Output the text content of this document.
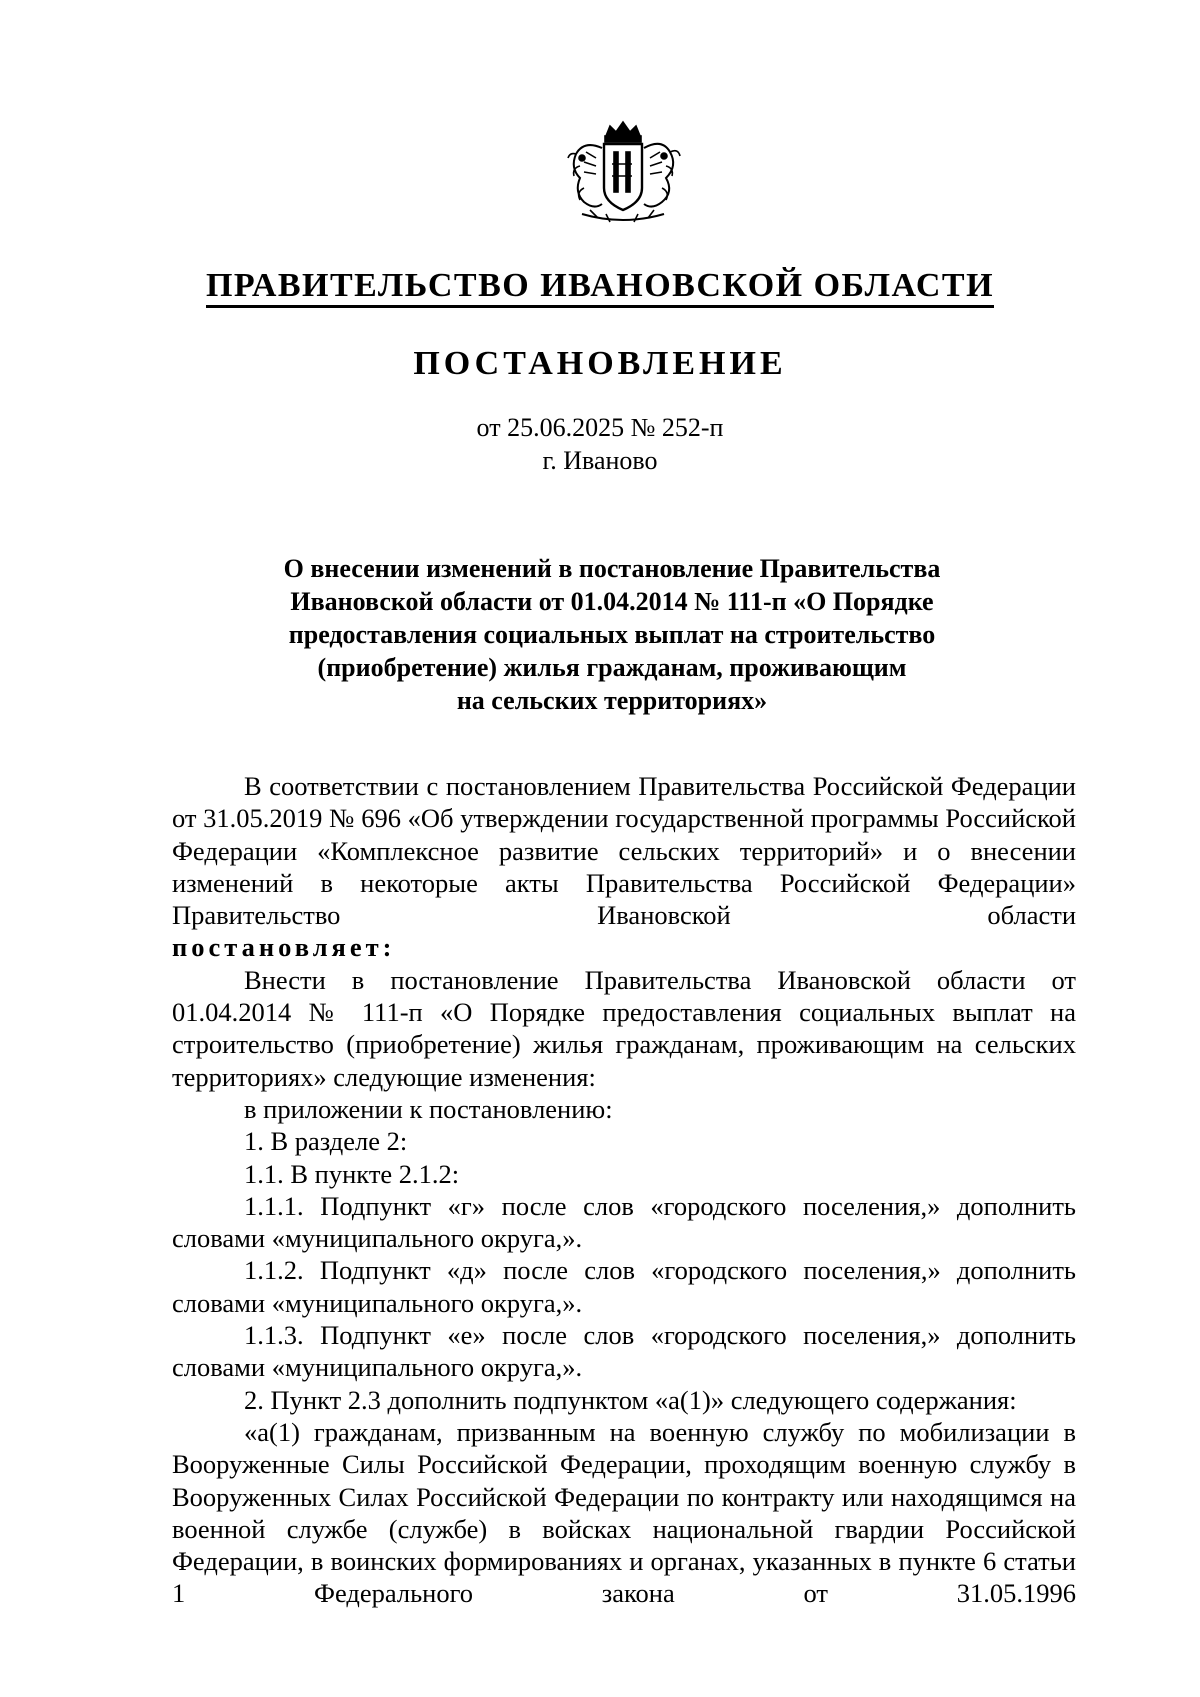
ПРАВИТЕЛЬСТВО ИВАНОВСКОЙ ОБЛАСТИ
ПОСТАНОВЛЕНИЕ
от 25.06.2025 № 252-п
г. Иваново
О внесении изменений в постановление Правительства
Ивановской области от 01.04.2014 № 111-п «О Порядке
предоставления социальных выплат на строительство
(приобретение) жилья гражданам, проживающим
на сельских территориях»

В соответствии с постановлением Правительства Российской Федерации от 31.05.2019 № 696 «Об утверждении государственной программы Российской Федерации «Комплексное развитие сельских территорий» и о внесении изменений в некоторые акты Правительства Российской Федерации» Правительство Ивановской области

постановляет:

Внести в постановление Правительства Ивановской области от 01.04.2014 № 111-п «О Порядке предоставления социальных выплат на строительство (приобретение) жилья гражданам, проживающим на сельских территориях» следующие изменения:

в приложении к постановлению:

1. В разделе 2:

1.1. В пункте 2.1.2:

1.1.1. Подпункт «г» после слов «городского поселения,» дополнить словами «муниципального округа,».

1.1.2. Подпункт «д» после слов «городского поселения,» дополнить словами «муниципального округа,».

1.1.3. Подпункт «е» после слов «городского поселения,» дополнить словами «муниципального округа,».

2. Пункт 2.3 дополнить подпунктом «а(1)» следующего содержания:

«а(1) гражданам, призванным на военную службу по мобилизации в Вооруженные Силы Российской Федерации, проходящим военную службу в Вооруженных Силах Российской Федерации по контракту или находящимся на военной службе (службе) в войсках национальной гвардии Российской Федерации, в воинских формированиях и органах, указанных в пункте 6 статьи 1 Федерального закона от 31.05.1996
